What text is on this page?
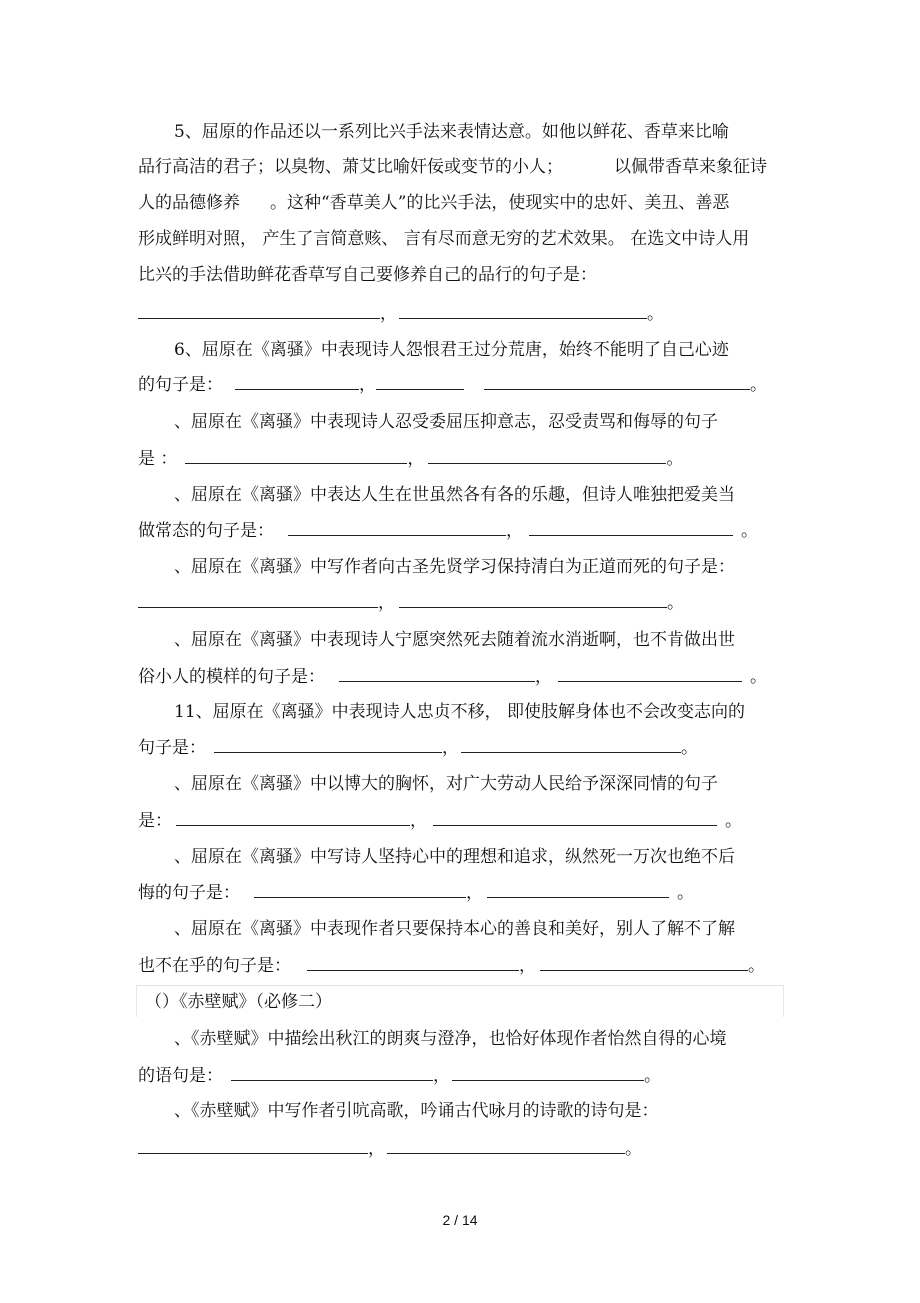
5、屈原的作品还以一系列比兴手法来表情达意。如他以鲜花、香草来比喻
品行高洁的君子；以臭物、萧艾比喻奸佞或变节的小人；	以佩带香草来象征诗
人的品德修养 。这种“香草美人”的比兴手法，使现实中的忠奸、美丑、善恶
形成鲜明对照， 产生了言简意赅、 言有尽而意无穷的艺术效果。 在选文中诗人用
比兴的手法借助鲜花香草写自己要修养自己的品行的句子是：
，	。
6、屈原在《离骚》中表现诗人怨恨君王过分荒唐，始终不能明了自己心迹
的句子是：	，	。
、屈原在《离骚》中表现诗人忍受委屈压抑意志，忍受责骂和侮辱的句子
是 ：	，	。
、屈原在《离骚》中表达人生在世虽然各有各的乐趣，但诗人唯独把爱美当
做常态的句子是：	，	。
、屈原在《离骚》中写作者向古圣先贤学习保持清白为正道而死的句子是：
，	。
、屈原在《离骚》中表现诗人宁愿突然死去随着流水消逝啊，也不肯做出世
俗小人的模样的句子是：	，	。
11、屈原在《离骚》中表现诗人忠贞不移， 即使肢解身体也不会改变志向的
句子是：	，	。
、屈原在《离骚》中以博大的胸怀，对广大劳动人民给予深深同情的句子
是：	，	。
、屈原在《离骚》中写诗人坚持心中的理想和追求，纵然死一万次也绝不后
悔的句子是：	，	。
、屈原在《离骚》中表现作者只要保持本心的善良和美好，别人了解不了解
也不在乎的句子是：	，	。
（）《赤壁赋》（必修二）
、《赤壁赋》中描绘出秋江的朗爽与澄净，也恰好体现作者怡然自得的心境
的语句是：	，	。
、《赤壁赋》中写作者引吭高歌，吟诵古代咏月的诗歌的诗句是：
，	。
2 / 14
